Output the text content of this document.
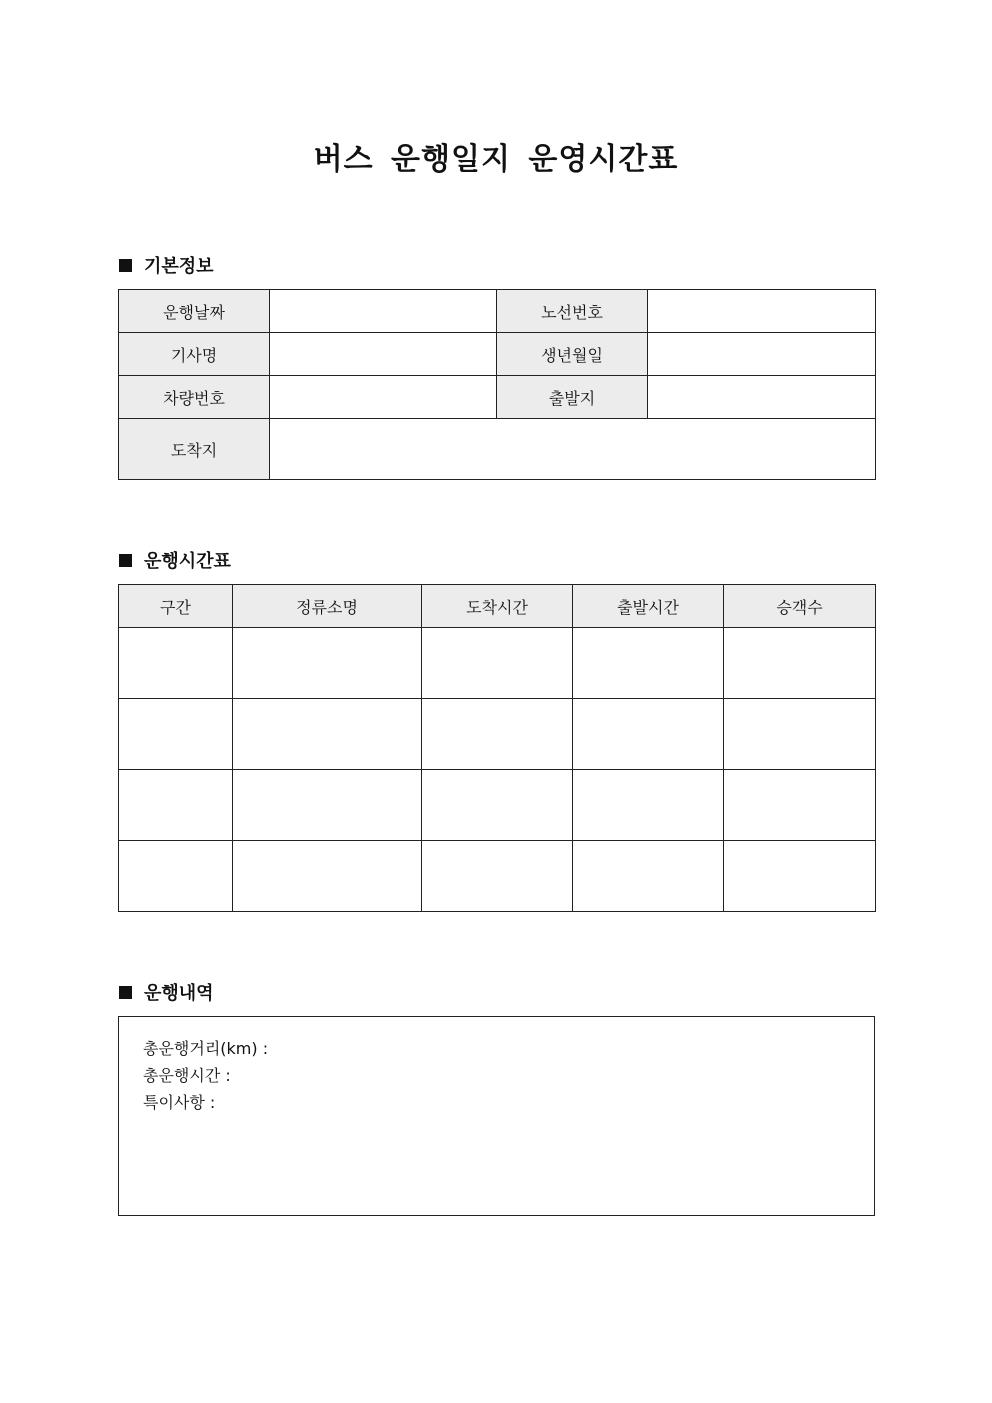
버스 운행일지 운영시간표
기본정보
운행날짜		노선번호	
기사명		생년월일	
차량번호		출발지	
도착지			
운행시간표
구간	정류소명	도착시간	출발시간	승객수

운행내역
총운행거리(km) :
총운행시간 :
특이사항 :
